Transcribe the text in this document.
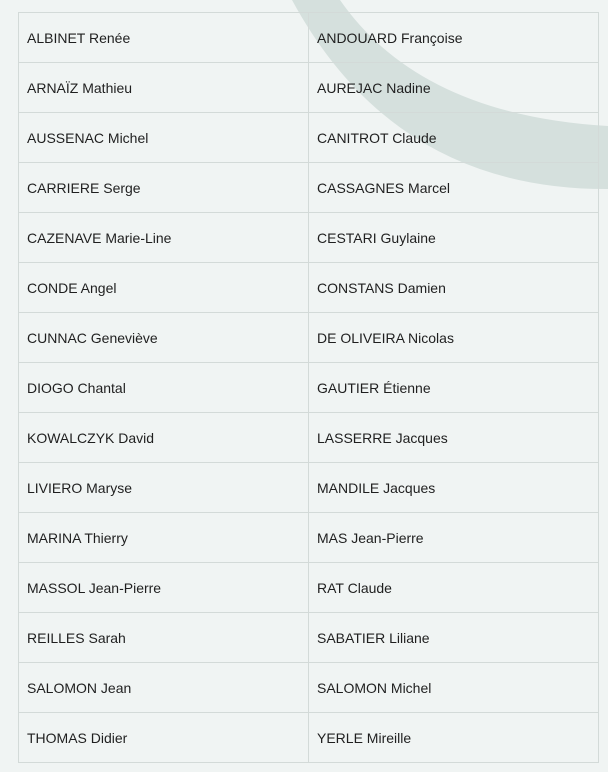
ALBINET Renée	ANDOUARD Françoise
ARNAÏZ Mathieu	AUREJAC Nadine
AUSSENAC Michel	CANITROT Claude
CARRIERE Serge	CASSAGNES Marcel
CAZENAVE Marie-Line	CESTARI Guylaine
CONDE Angel	CONSTANS Damien
CUNNAC Geneviève	DE OLIVEIRA Nicolas
DIOGO Chantal	GAUTIER Étienne
KOWALCZYK David	LASSERRE Jacques
LIVIERO Maryse	MANDILE Jacques
MARINA Thierry	MAS Jean-Pierre
MASSOL Jean-Pierre	RAT Claude
REILLES Sarah	SABATIER Liliane
SALOMON Jean	SALOMON Michel
THOMAS Didier	YERLE Mireille
